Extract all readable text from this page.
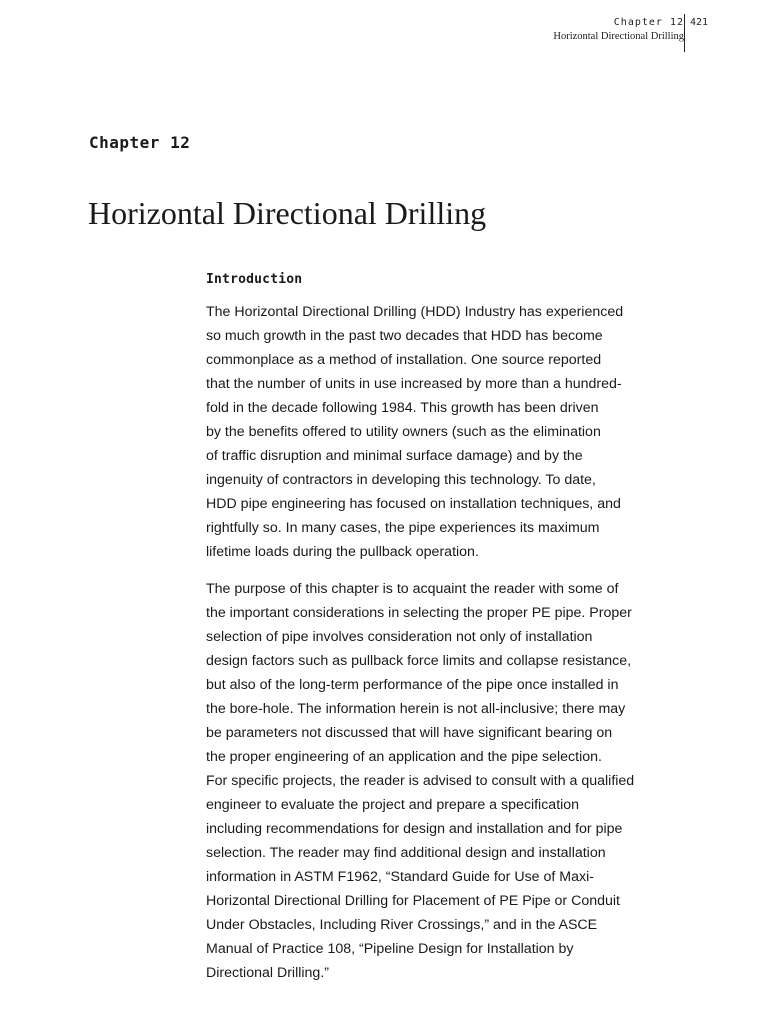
Chapter 12
Horizontal Directional Drilling
421
Chapter 12
Horizontal Directional Drilling
Introduction

The Horizontal Directional Drilling (HDD) Industry has experienced
so much growth in the past two decades that HDD has become
commonplace as a method of installation. One source reported
that the number of units in use increased by more than a hundred-
fold in the decade following 1984. This growth has been driven
by the benefits offered to utility owners (such as the elimination
of traffic disruption and minimal surface damage) and by the
ingenuity of contractors in developing this technology. To date,
HDD pipe engineering has focused on installation techniques, and
rightfully so. In many cases, the pipe experiences its maximum
lifetime loads during the pullback operation.

The purpose of this chapter is to acquaint the reader with some of
the important considerations in selecting the proper PE pipe. Proper
selection of pipe involves consideration not only of installation
design factors such as pullback force limits and collapse resistance,
but also of the long-term performance of the pipe once installed in
the bore-hole. The information herein is not all-inclusive; there may
be parameters not discussed that will have significant bearing on
the proper engineering of an application and the pipe selection.
For specific projects, the reader is advised to consult with a qualified
engineer to evaluate the project and prepare a specification
including recommendations for design and installation and for pipe
selection. The reader may find additional design and installation
information in ASTM F1962, “Standard Guide for Use of Maxi-
Horizontal Directional Drilling for Placement of PE Pipe or Conduit
Under Obstacles, Including River Crossings,” and in the ASCE
Manual of Practice 108, “Pipeline Design for Installation by
Directional Drilling.”
